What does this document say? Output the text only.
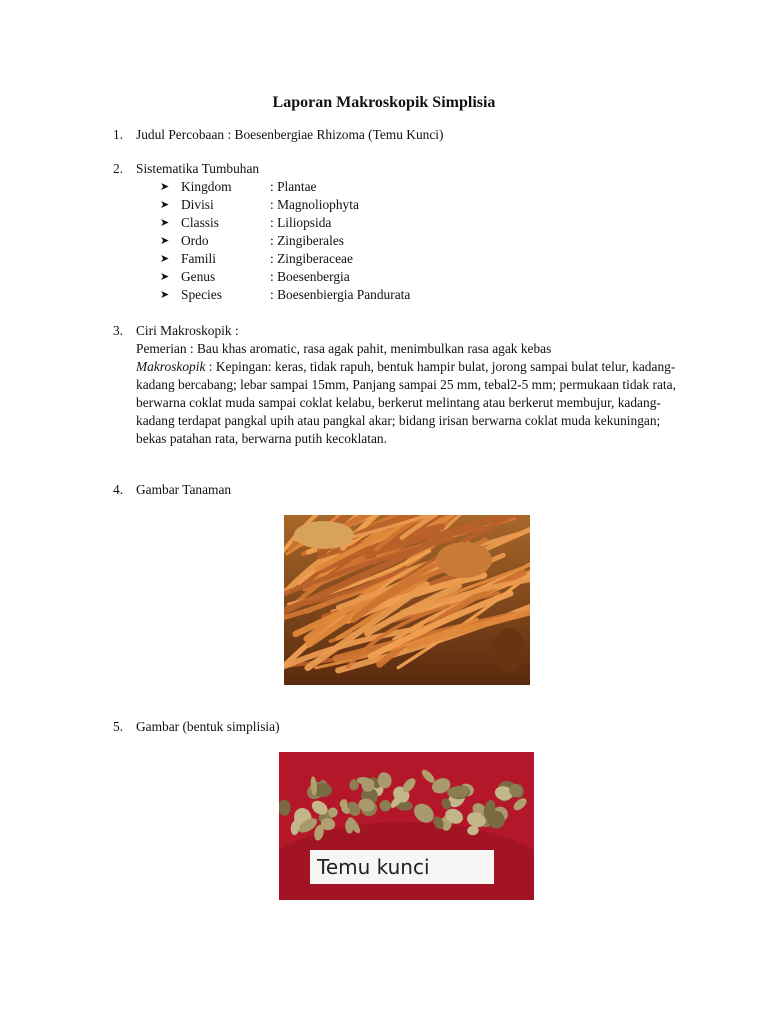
Laporan Makroskopik Simplisia
1. Judul Percobaan : Boesenbergiae Rhizoma (Temu Kunci)
2. Sistematika Tumbuhan
➤ Kingdom	: Plantae
➤ Divisi	: Magnoliophyta
➤ Classis	: Liliopsida
➤ Ordo	: Zingiberales
➤ Famili	: Zingiberaceae
➤ Genus	: Boesenbergia
➤ Species	: Boesenbiergia Pandurata
3. Ciri Makroskopik :

Pemerian : Bau khas aromatic, rasa agak pahit, menimbulkan rasa agak kebas

Makroskopik : Kepingan: keras, tidak rapuh, bentuk hampir bulat, jorong sampai bulat telur, kadang-kadang bercabang; lebar sampai 15mm, Panjang sampai 25 mm, tebal2-5 mm; permukaan tidak rata, berwarna coklat muda sampai coklat kelabu, berkerut melintang atau berkerut membujur, kadang-kadang terdapat pangkal upih atau pangkal akar; bidang irisan berwarna coklat muda kekuningan; bekas patahan rata, berwarna putih kecoklatan.

4. Gambar Tanaman
5. Gambar (bentuk simplisia)
Temu kunci
